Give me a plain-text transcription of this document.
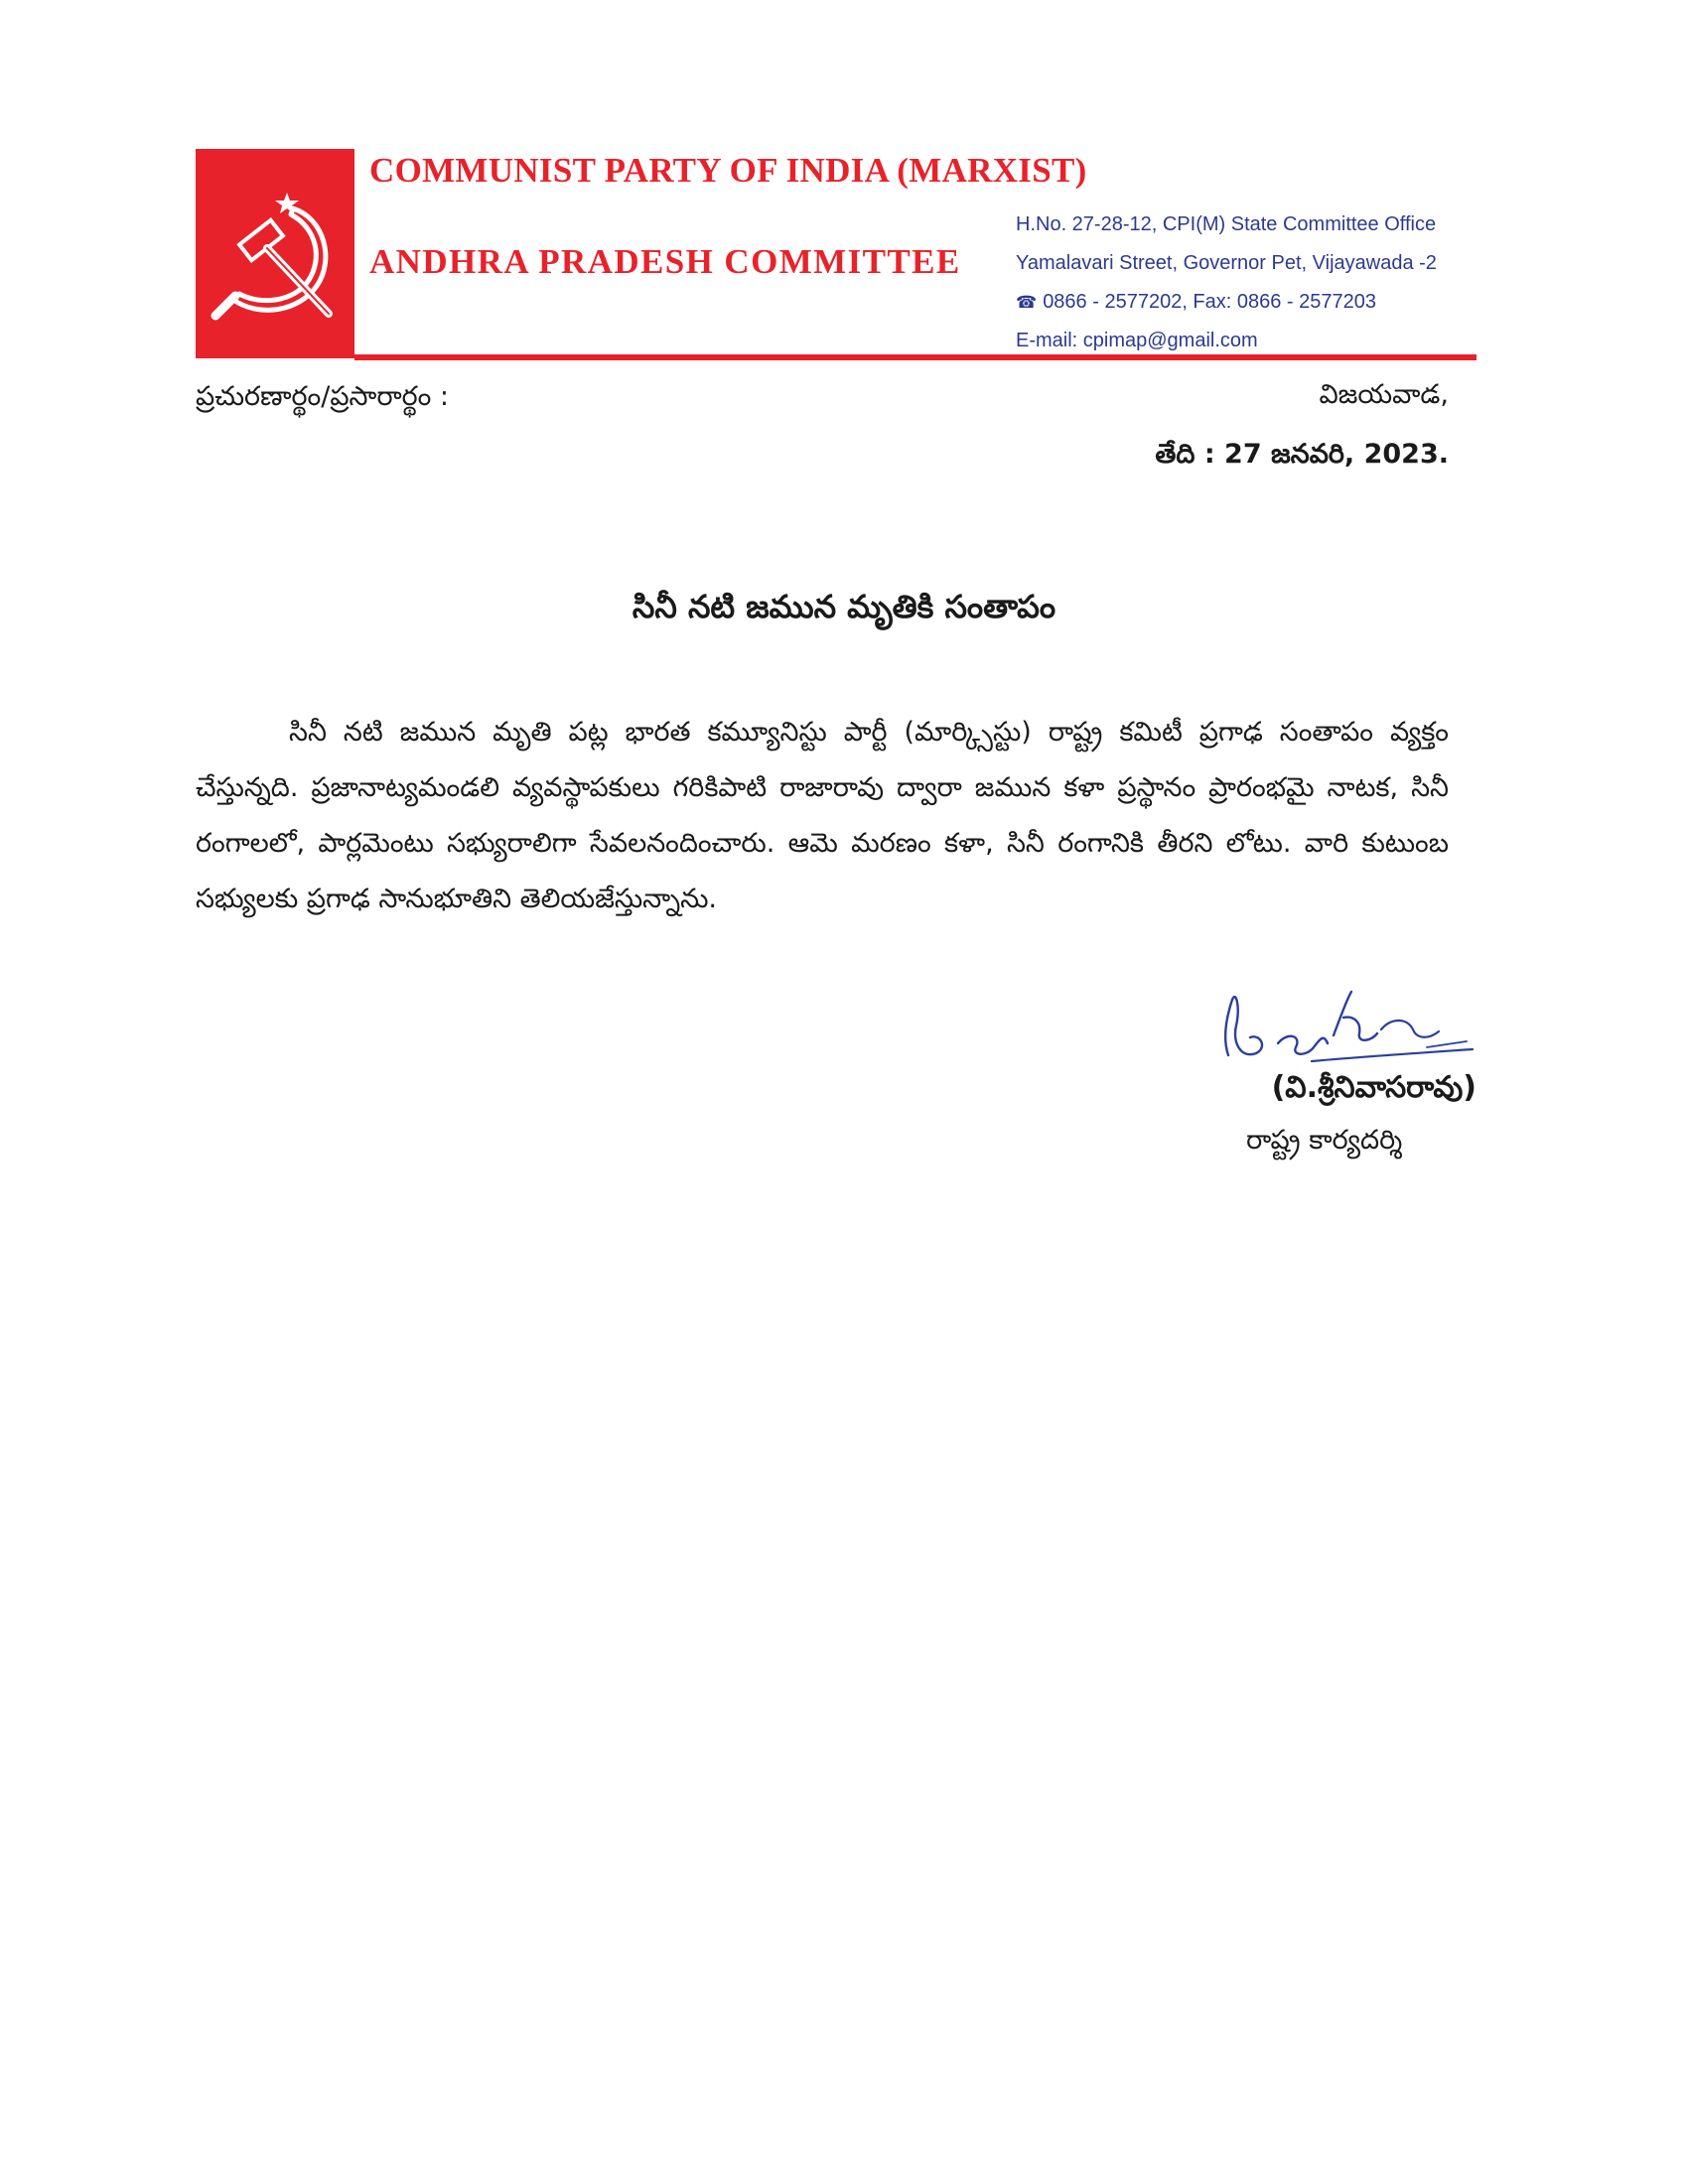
COMMUNIST PARTY OF INDIA (MARXIST)
ANDHRA PRADESH COMMITTEE
H.No. 27-28-12, CPI(M) State Committee Office
Yamalavari Street, Governor Pet, Vijayawada -2
☎ 0866 - 2577202, Fax: 0866 - 2577203
E-mail: cpimap@gmail.com
ప్రచురణార్థం/ప్రసారార్థం :	విజయవాడ,
తేది : 27 జనవరి, 2023.
సినీ నటి జమున మృతికి సంతాపం

సినీ నటి జమున మృతి పట్ల భారత కమ్యూనిస్టు పార్టీ (మార్క్సిస్టు) రాష్ట్ర కమిటీ ప్రగాఢ సంతాపం వ్యక్తం చేస్తున్నది. ప్రజానాట్యమండలి వ్యవస్థాపకులు గరికిపాటి రాజారావు ద్వారా జమున కళా ప్రస్థానం ప్రారంభమై నాటక, సినీ రంగాలలో, పార్లమెంటు సభ్యురాలిగా సేవలనందించారు. ఆమె మరణం కళా, సినీ రంగానికి తీరని లోటు. వారి కుటుంబ సభ్యులకు ప్రగాఢ సానుభూతిని తెలియజేస్తున్నాను.

(వి.శ్రీనివాసరావు)
రాష్ట్ర కార్యదర్శి
